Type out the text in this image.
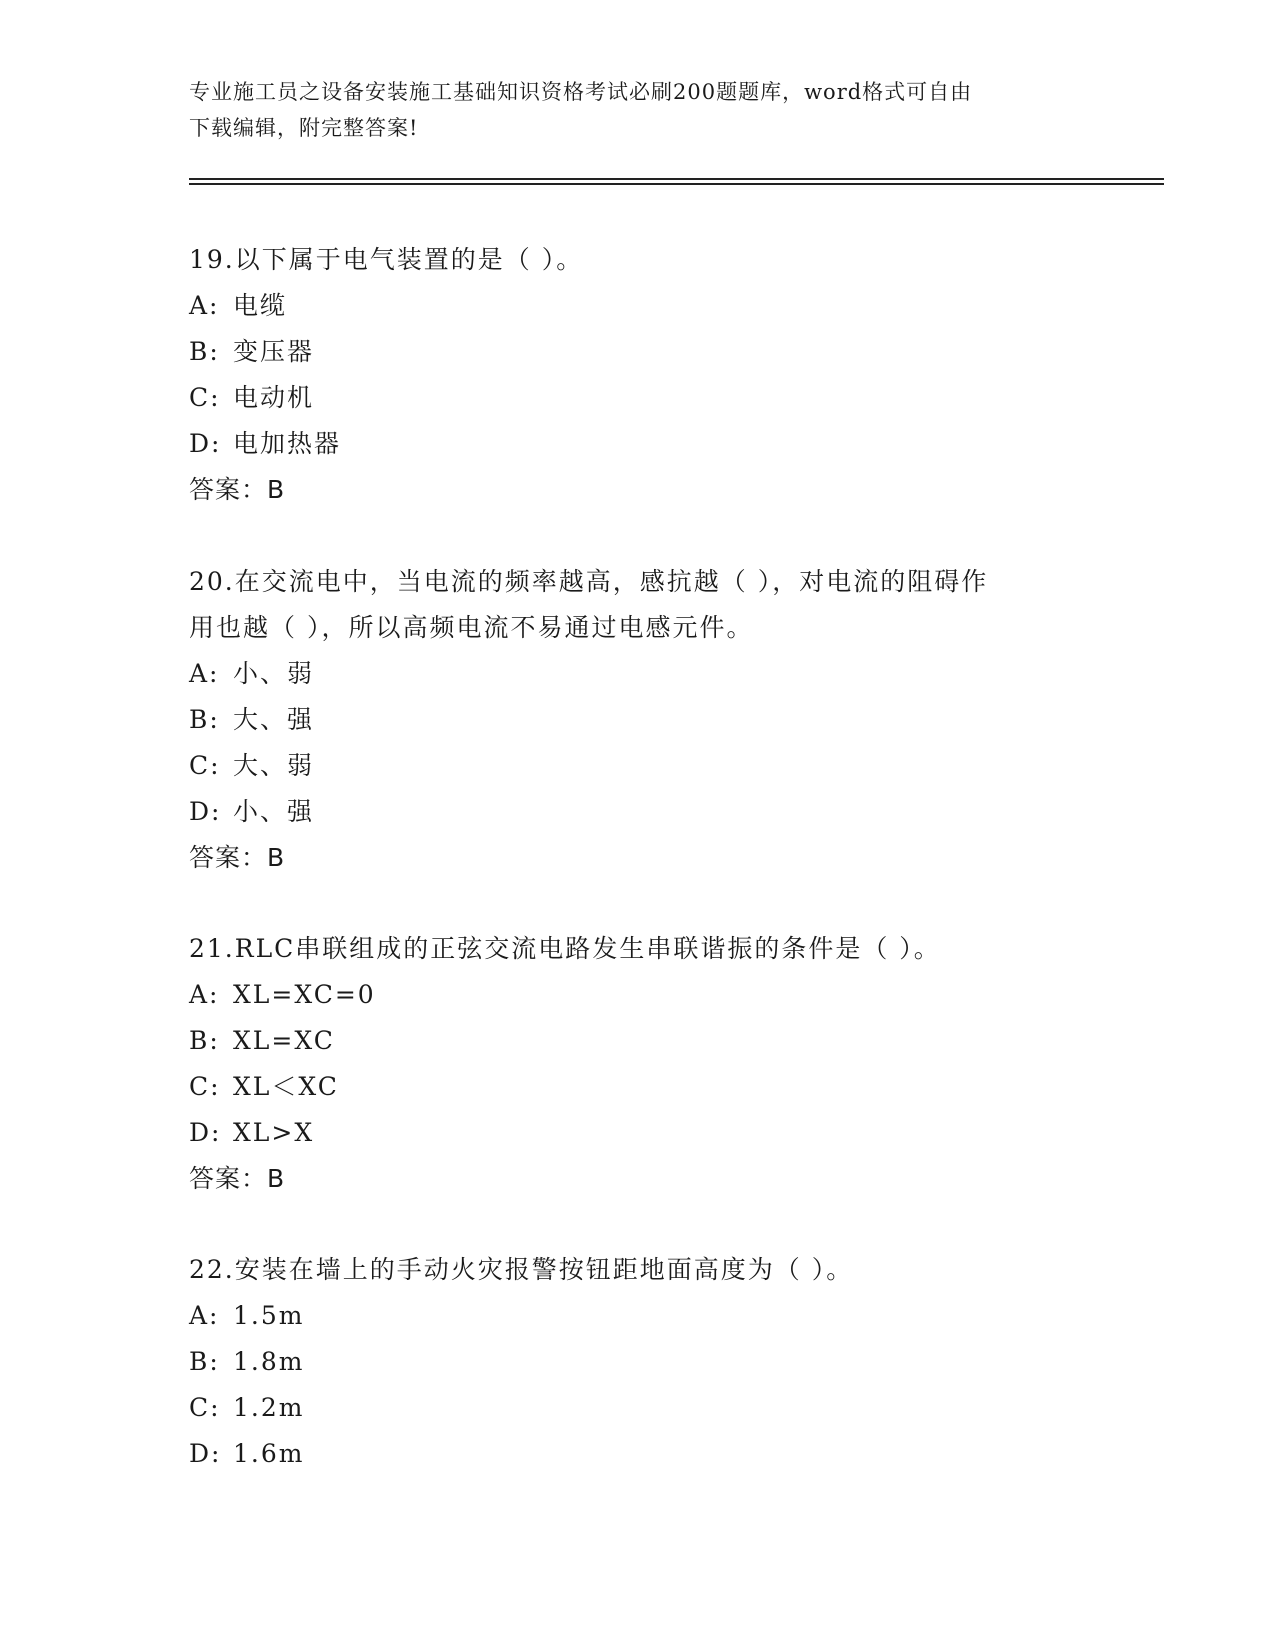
专业施工员之设备安装施工基础知识资格考试必刷200题题库，word格式可自由
下载编辑，附完整答案!
19.以下属于电气装置的是（ ）。
A: 电缆
B: 变压器
C: 电动机
D: 电加热器
答案：B
20.在交流电中，当电流的频率越高，感抗越（ ），对电流的阻碍作
用也越（ ），所以高频电流不易通过电感元件。
A: 小、弱
B: 大、强
C: 大、弱
D: 小、强
答案：B
21.RLC串联组成的正弦交流电路发生串联谐振的条件是（ ）。
A: XL=XC=0
B: XL=XC
C: XL＜XC
D: XL>X
答案：B
22.安装在墙上的手动火灾报警按钮距地面高度为（ ）。
A: 1.5m
B: 1.8m
C: 1.2m
D: 1.6m
